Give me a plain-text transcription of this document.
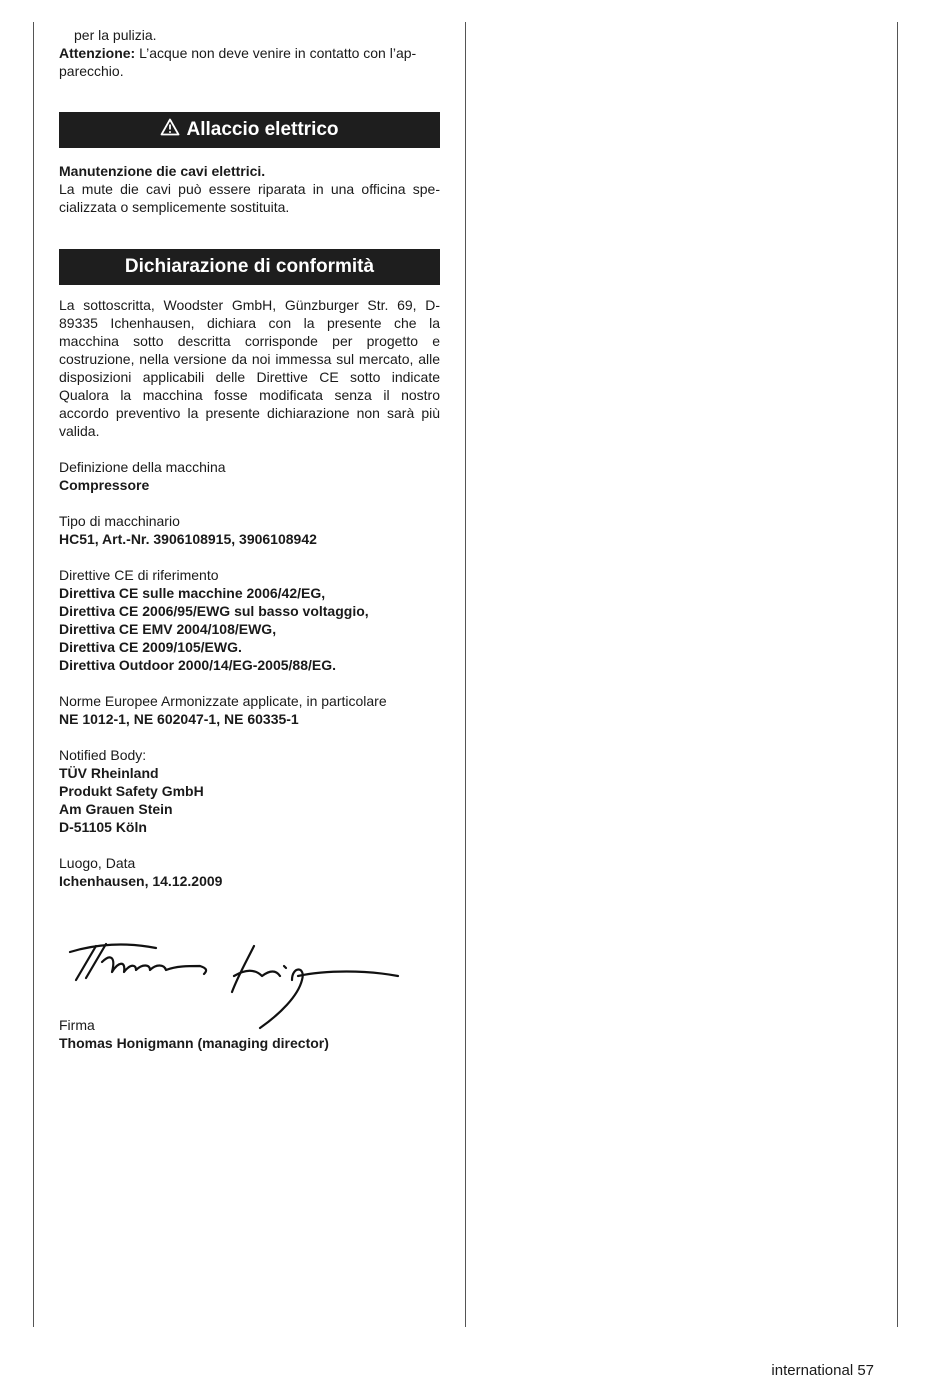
per la pulizia.

Attenzione: L’acque non deve venire in contatto con l’ap-

parecchio.

Allaccio elettrico

Manutenzione die cavi elettrici.

La mute die cavi può essere riparata in una officina specializzata o semplicemente sostituita.

Dichiarazione di conformità

La sottoscritta, Woodster GmbH, Günzburger Str. 69, D-89335 Ichenhausen, dichiara con la presente che la macchina sotto descritta corrisponde per progetto e costruzione, nella versione da noi immessa sul mercato, alle disposizioni applicabili delle Direttive CE sotto indicate Qualora la macchina fosse modificata senza il nostro accordo preventivo la presente dichiarazione non sarà più valida.

Definizione della macchina

Compressore

Tipo di macchinario

HC51, Art.-Nr. 3906108915, 3906108942

Direttive CE di riferimento

Direttiva CE sulle macchine 2006/42/EG,

Direttiva CE 2006/95/EWG sul basso voltaggio,

Direttiva CE EMV 2004/108/EWG,

Direttiva CE 2009/105/EWG.

Direttiva Outdoor 2000/14/EG-2005/88/EG.

Norme Europee Armonizzate applicate, in particolare

NE 1012-1, NE 602047-1, NE 60335-1

Notified Body:

TÜV Rheinland

Produkt Safety GmbH

Am Grauen Stein

D-51105 Köln

Luogo, Data

Ichenhausen, 14.12.2009

Firma

Thomas Honigmann (managing director)

international 57
